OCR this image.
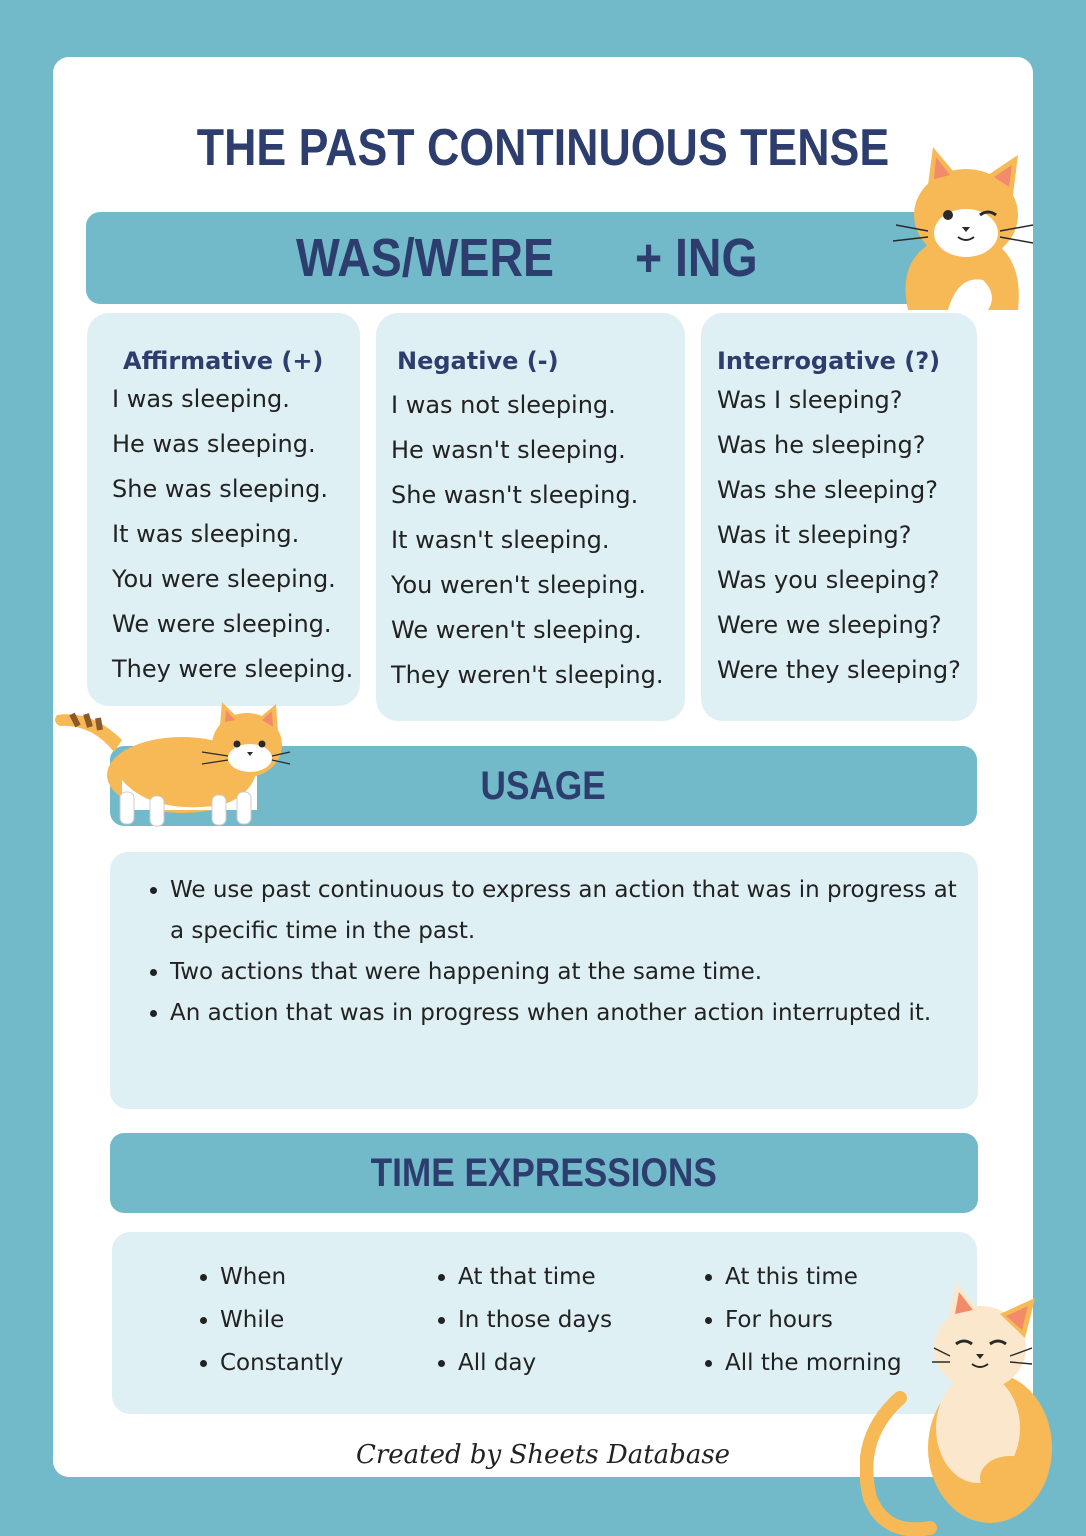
THE PAST CONTINUOUS TENSE
WAS/WERE + ING
Affirmative (+)
I was sleeping.
He was sleeping.
She was sleeping.
It was sleeping.
You were sleeping.
We were sleeping.
They were sleeping.
Negative (-)
I was not sleeping.
He wasn't sleeping.
She wasn't sleeping.
It wasn't sleeping.
You weren't sleeping.
We weren't sleeping.
They weren't sleeping.
Interrogative (?)
Was I sleeping?
Was he sleeping?
Was she sleeping?
Was it sleeping?
Was you sleeping?
Were we sleeping?
Were they sleeping?
USAGE
• We use past continuous to express an action that was in progress at a specific time in the past.
• Two actions that were happening at the same time.
• An action that was in progress when another action interrupted it.
TIME EXPRESSIONS
• When
• While
• Constantly
• At that time
• In those days
• All day
• At this time
• For hours
• All the morning
Created by Sheets Database
